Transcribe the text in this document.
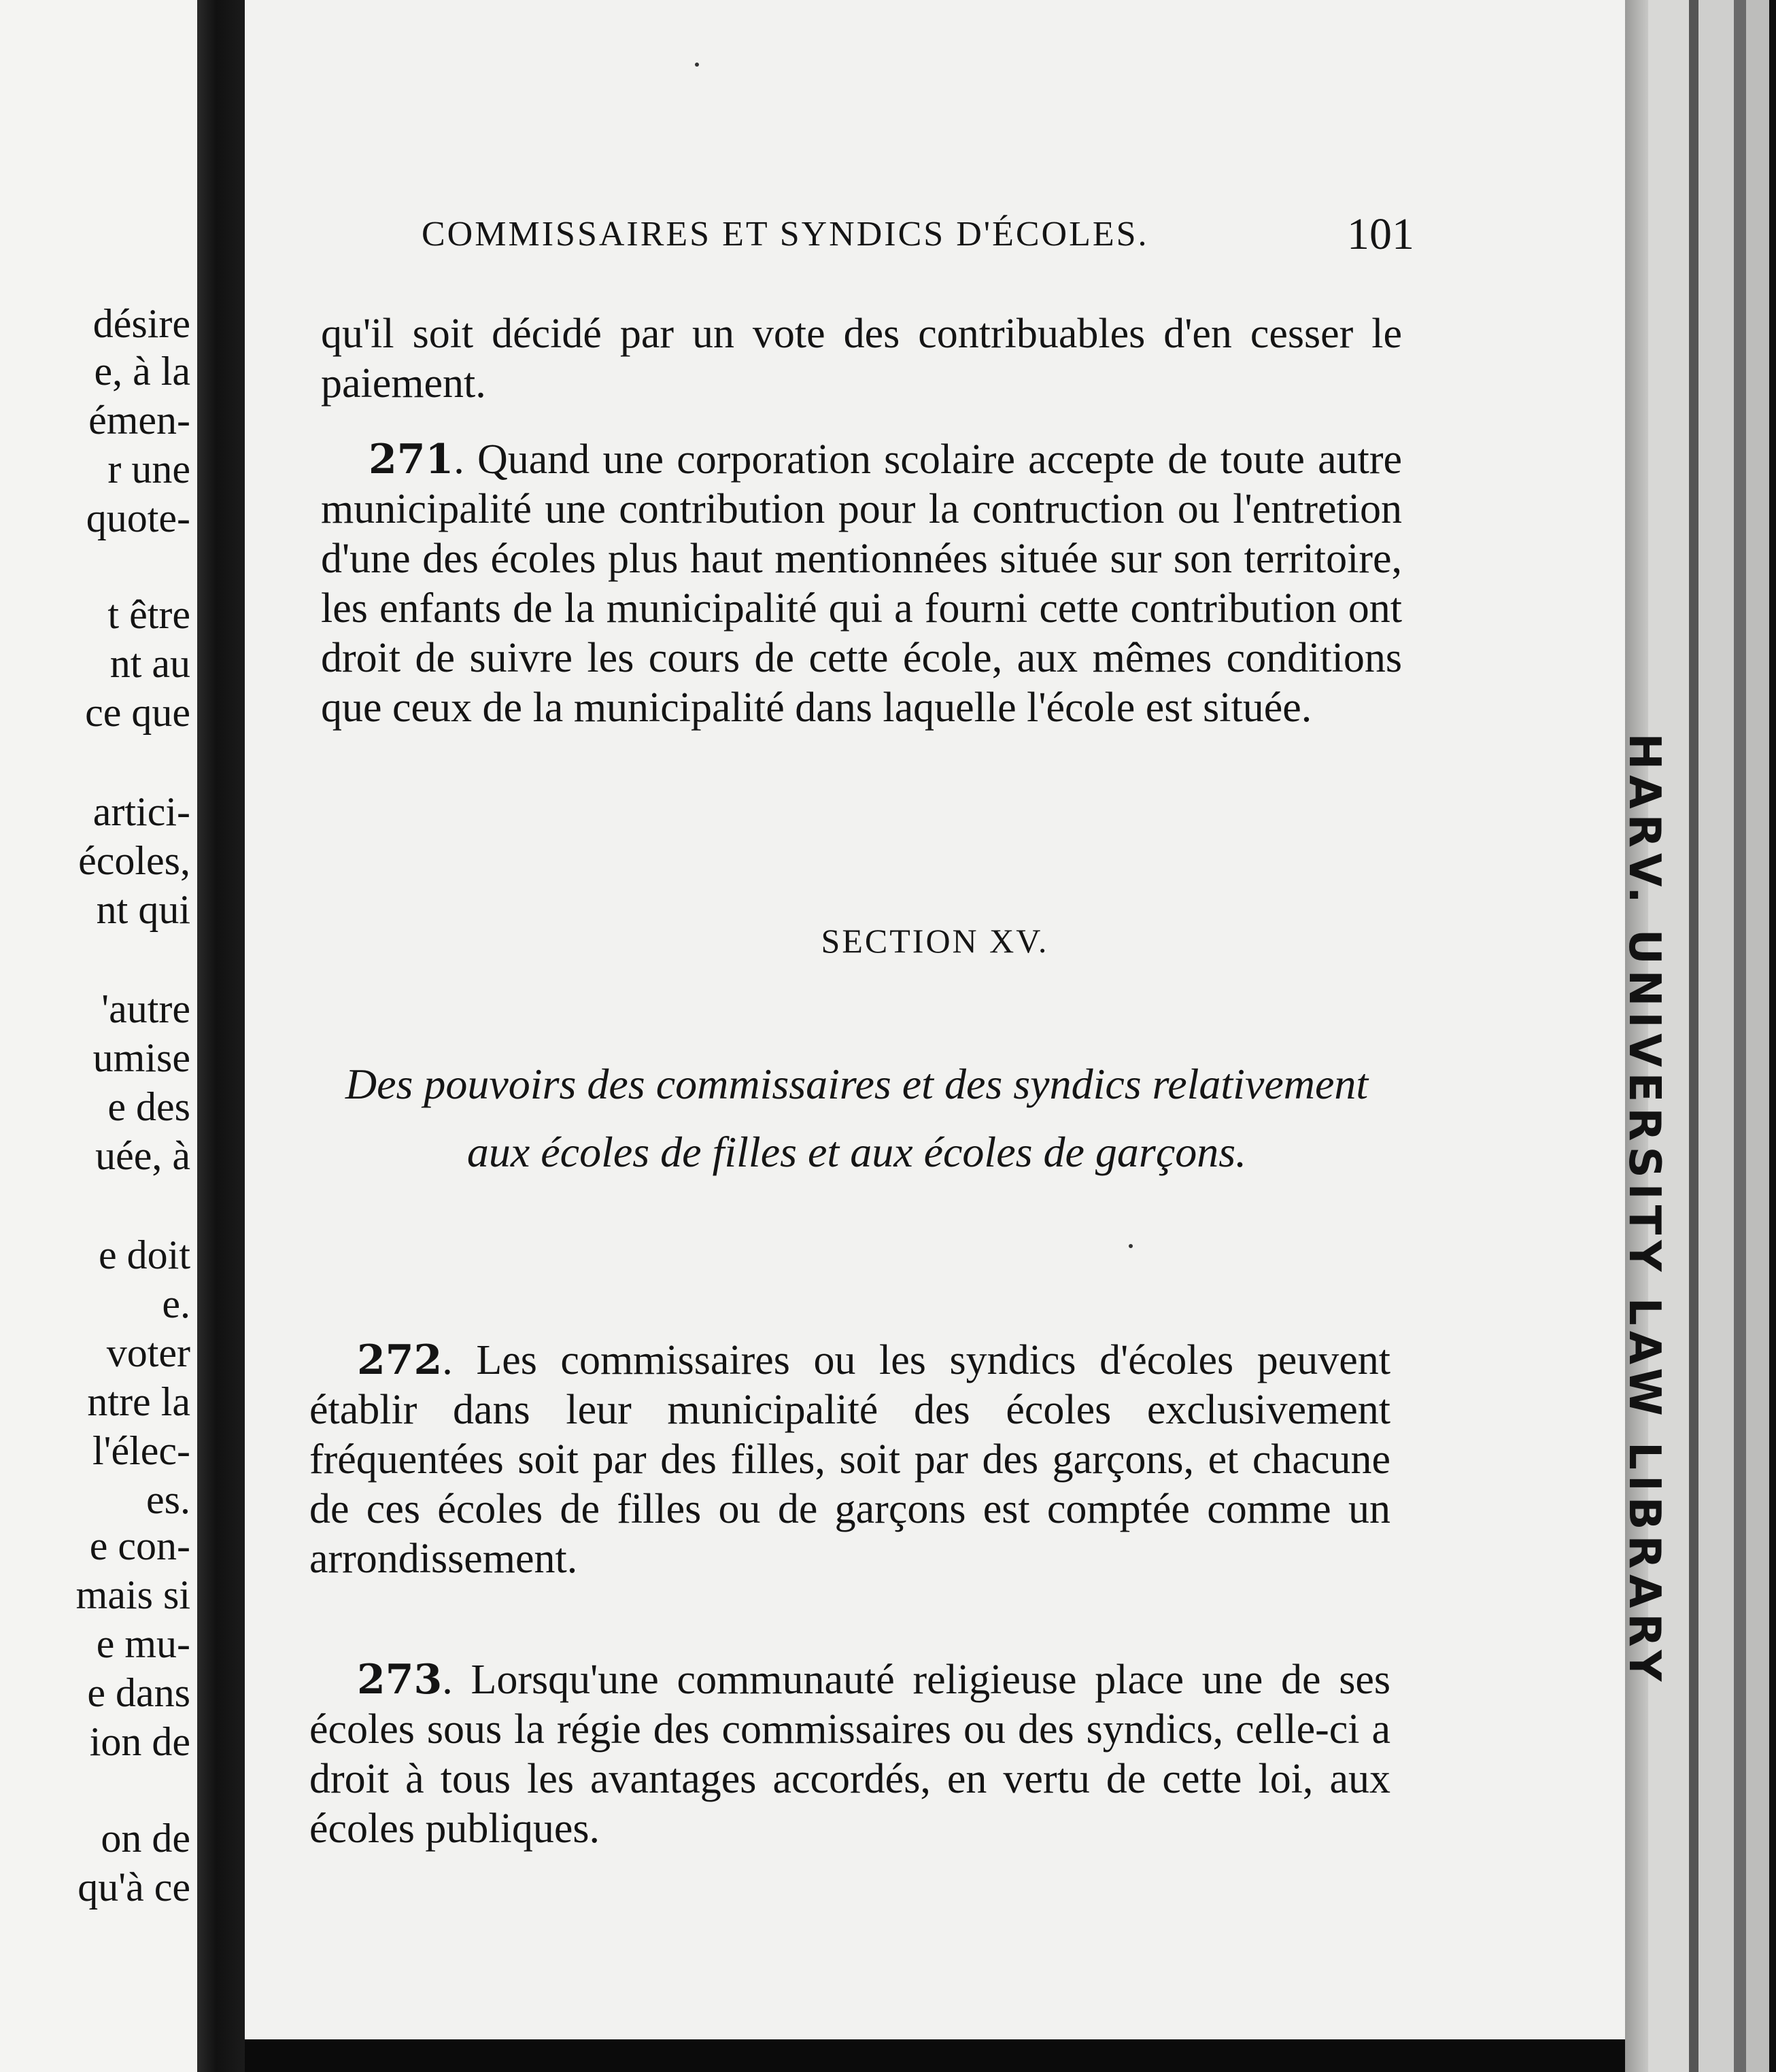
désire
e, à la
émen-
r une
quote-
t être
nt au
ce que
artici-
écoles,
nt qui
'autre
umise
e des
uée, à
e doit
e.
voter
ntre la
l'élec-
es.
e con-
mais si
e mu-
e dans
ion de
on de
qu'à ce
COMMISSAIRES ET SYNDICS D'ÉCOLES.	101

qu'il soit décidé par un vote des contribuables d'en cesser le paiement.

271. Quand une corporation scolaire accepte de toute autre municipalité une contribution pour la contruction ou l'entretion d'une des écoles plus haut mentionnées située sur son territoire, les enfants de la municipalité qui a fourni cette contribution ont droit de suivre les cours de cette école, aux mêmes conditions que ceux de la municipalité dans laquelle l'école est située.

SECTION XV.

Des pouvoirs des commissaires et des syndics relativement aux écoles de filles et aux écoles de garçons.

272. Les commissaires ou les syndics d'écoles peuvent établir dans leur municipalité des écoles exclusivement fréquentées soit par des filles, soit par des garçons, et chacune de ces écoles de filles ou de garçons est comptée comme un arrondissement.

273. Lorsqu'une communauté religieuse place une de ses écoles sous la régie des commissaires ou des syndics, celle-ci a droit à tous les avantages accordés, en vertu de cette loi, aux écoles publiques.

HARV. UNIVERSITY LAW LIBRARY
